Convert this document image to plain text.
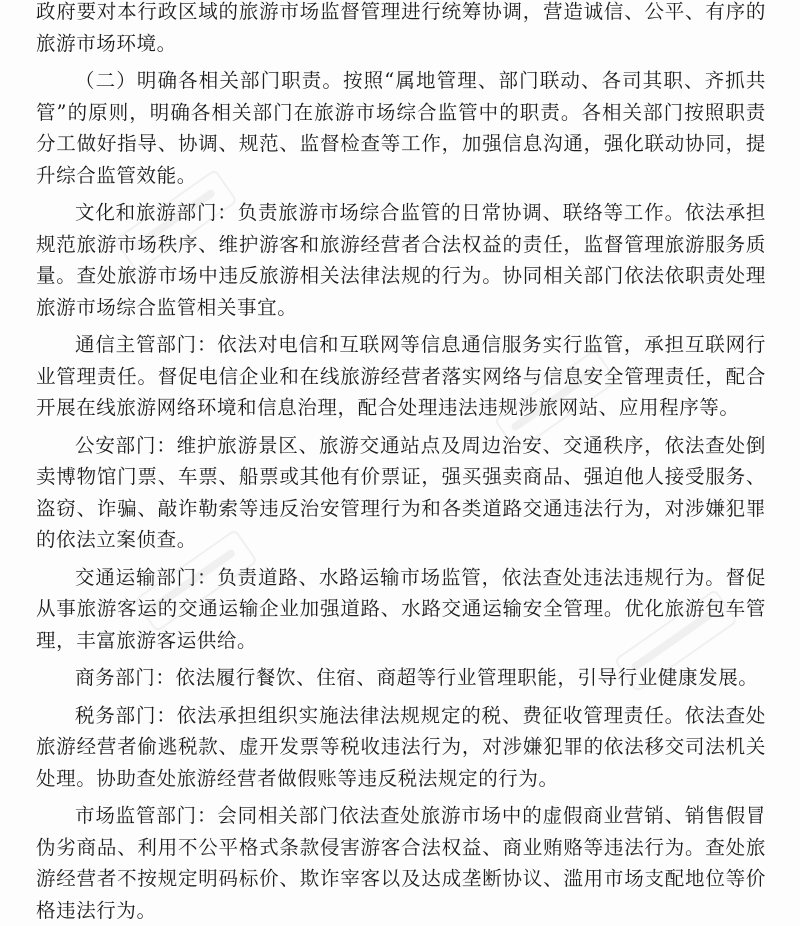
政府要对本行政区域的旅游市场监督管理进行统筹协调，营造诚信、公平、有序的旅游市场环境。

（二）明确各相关部门职责。按照“属地管理、部门联动、各司其职、齐抓共管”的原则，明确各相关部门在旅游市场综合监管中的职责。各相关部门按照职责分工做好指导、协调、规范、监督检查等工作，加强信息沟通，强化联动协同，提升综合监管效能。

文化和旅游部门：负责旅游市场综合监管的日常协调、联络等工作。依法承担规范旅游市场秩序、维护游客和旅游经营者合法权益的责任，监督管理旅游服务质量。查处旅游市场中违反旅游相关法律法规的行为。协同相关部门依法依职责处理旅游市场综合监管相关事宜。

通信主管部门：依法对电信和互联网等信息通信服务实行监管，承担互联网行业管理责任。督促电信企业和在线旅游经营者落实网络与信息安全管理责任，配合开展在线旅游网络环境和信息治理，配合处理违法违规涉旅网站、应用程序等。

公安部门：维护旅游景区、旅游交通站点及周边治安、交通秩序，依法查处倒卖博物馆门票、车票、船票或其他有价票证，强买强卖商品、强迫他人接受服务、盗窃、诈骗、敲诈勒索等违反治安管理行为和各类道路交通违法行为，对涉嫌犯罪的依法立案侦查。

交通运输部门：负责道路、水路运输市场监管，依法查处违法违规行为。督促从事旅游客运的交通运输企业加强道路、水路交通运输安全管理。优化旅游包车管理，丰富旅游客运供给。

商务部门：依法履行餐饮、住宿、商超等行业管理职能，引导行业健康发展。

税务部门：依法承担组织实施法律法规规定的税、费征收管理责任。依法查处旅游经营者偷逃税款、虚开发票等税收违法行为，对涉嫌犯罪的依法移交司法机关处理。协助查处旅游经营者做假账等违反税法规定的行为。

市场监管部门：会同相关部门依法查处旅游市场中的虚假商业营销、销售假冒伪劣商品、利用不公平格式条款侵害游客合法权益、商业贿赂等违法行为。查处旅游经营者不按规定明码标价、欺诈宰客以及达成垄断协议、滥用市场支配地位等价格违法行为。
